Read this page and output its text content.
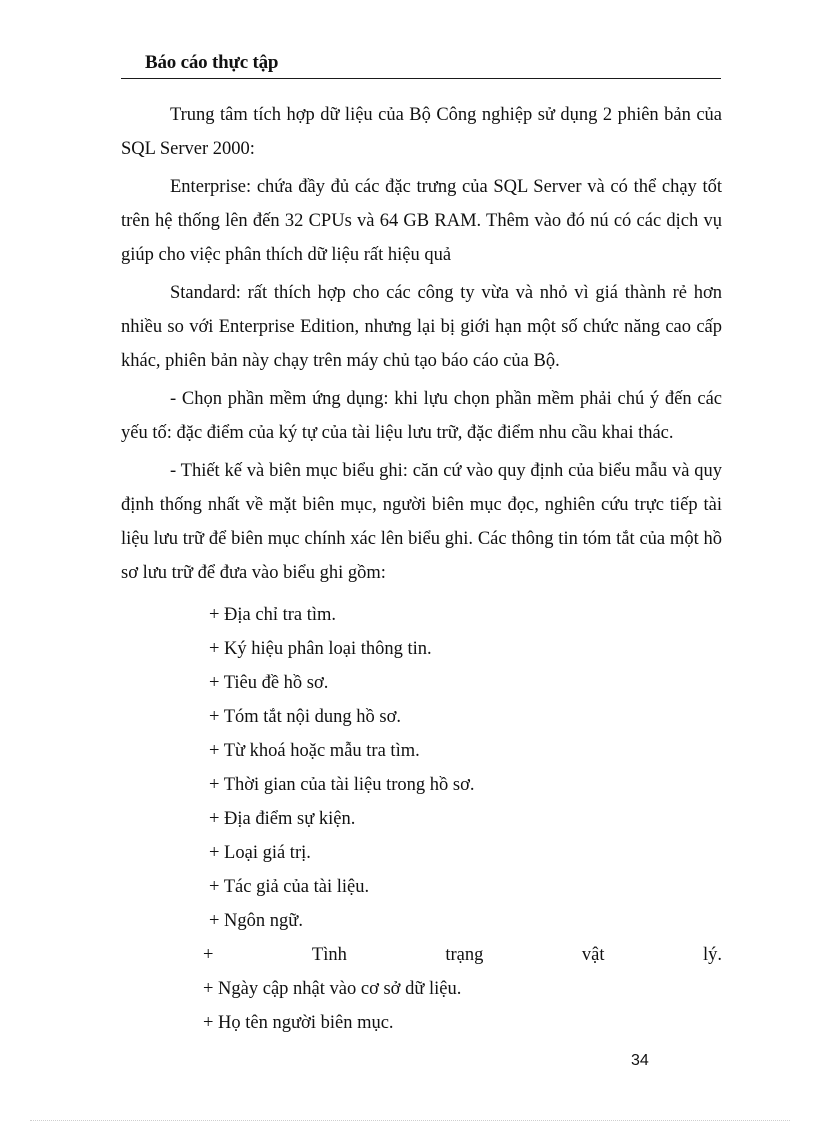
Báo cáo thực tập

Trung tâm tích hợp dữ liệu của Bộ Công nghiệp sử dụng 2 phiên bản của SQL Server 2000:

Enterprise: chứa đầy đủ các đặc trưng của SQL Server và có thể chạy tốt trên hệ thống lên đến 32 CPUs và 64 GB RAM. Thêm vào đó nú có các dịch vụ giúp cho việc phân thích dữ liệu rất hiệu quả

Standard: rất thích hợp cho các công ty vừa và nhỏ vì giá thành rẻ hơn nhiều so với Enterprise Edition, nhưng lại bị giới hạn một số chức năng cao cấp khác, phiên bản này chạy trên máy chủ tạo báo cáo của Bộ.

- Chọn phần mềm ứng dụng: khi lựu chọn phần mềm phải chú ý đến các yếu tố: đặc điểm của ký tự của tài liệu lưu trữ, đặc điểm nhu cầu khai thác.

- Thiết kế và biên mục biểu ghi: căn cứ vào quy định của biểu mẫu và quy định thống nhất về mặt biên mục, người biên mục đọc, nghiên cứu trực tiếp tài liệu lưu trữ để biên mục chính xác lên biểu ghi. Các thông tin tóm tắt của một hồ sơ lưu trữ để đưa vào biểu ghi gồm:

+ Địa chỉ tra tìm.
+ Ký hiệu phân loại thông tin.
+ Tiêu đề hồ sơ.
+ Tóm tắt nội dung hồ sơ.
+ Từ khoá hoặc mẫu tra tìm.
+ Thời gian của tài liệu trong hồ sơ.
+ Địa điểm sự kiện.
+ Loại giá trị.
+ Tác giả của tài liệu.
+ Ngôn ngữ.
+	Tình	trạng	vật	lý.
+ Ngày cập nhật vào cơ sở dữ liệu.
+ Họ tên người biên mục.
34
